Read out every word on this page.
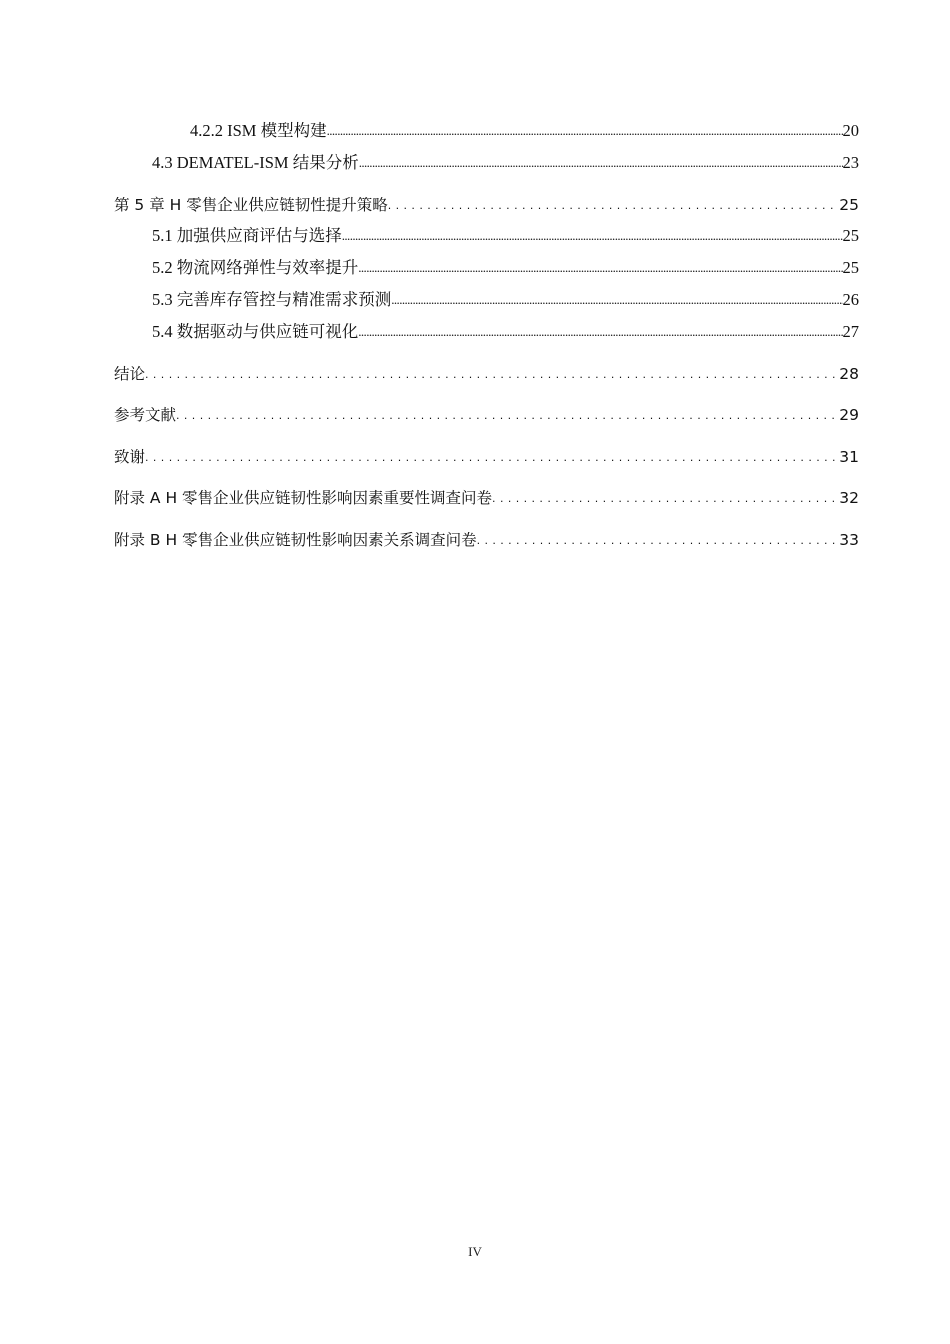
4.2.2 ISM 模型构建 .....	20
4.3 DEMATEL-ISM 结果分析 .....	23
第 5 章 H 零售企业供应链韧性提升策略 .....	25
5.1 加强供应商评估与选择 .....	25
5.2 物流网络弹性与效率提升 .....	25
5.3 完善库存管控与精准需求预测 .....	26
5.4 数据驱动与供应链可视化 .....	27
结论 .....	28
参考文献 .....	29
致谢 .....	31
附录 A H 零售企业供应链韧性影响因素重要性调查问卷 .....	32
附录 B H 零售企业供应链韧性影响因素关系调查问卷 .....	33
IV
